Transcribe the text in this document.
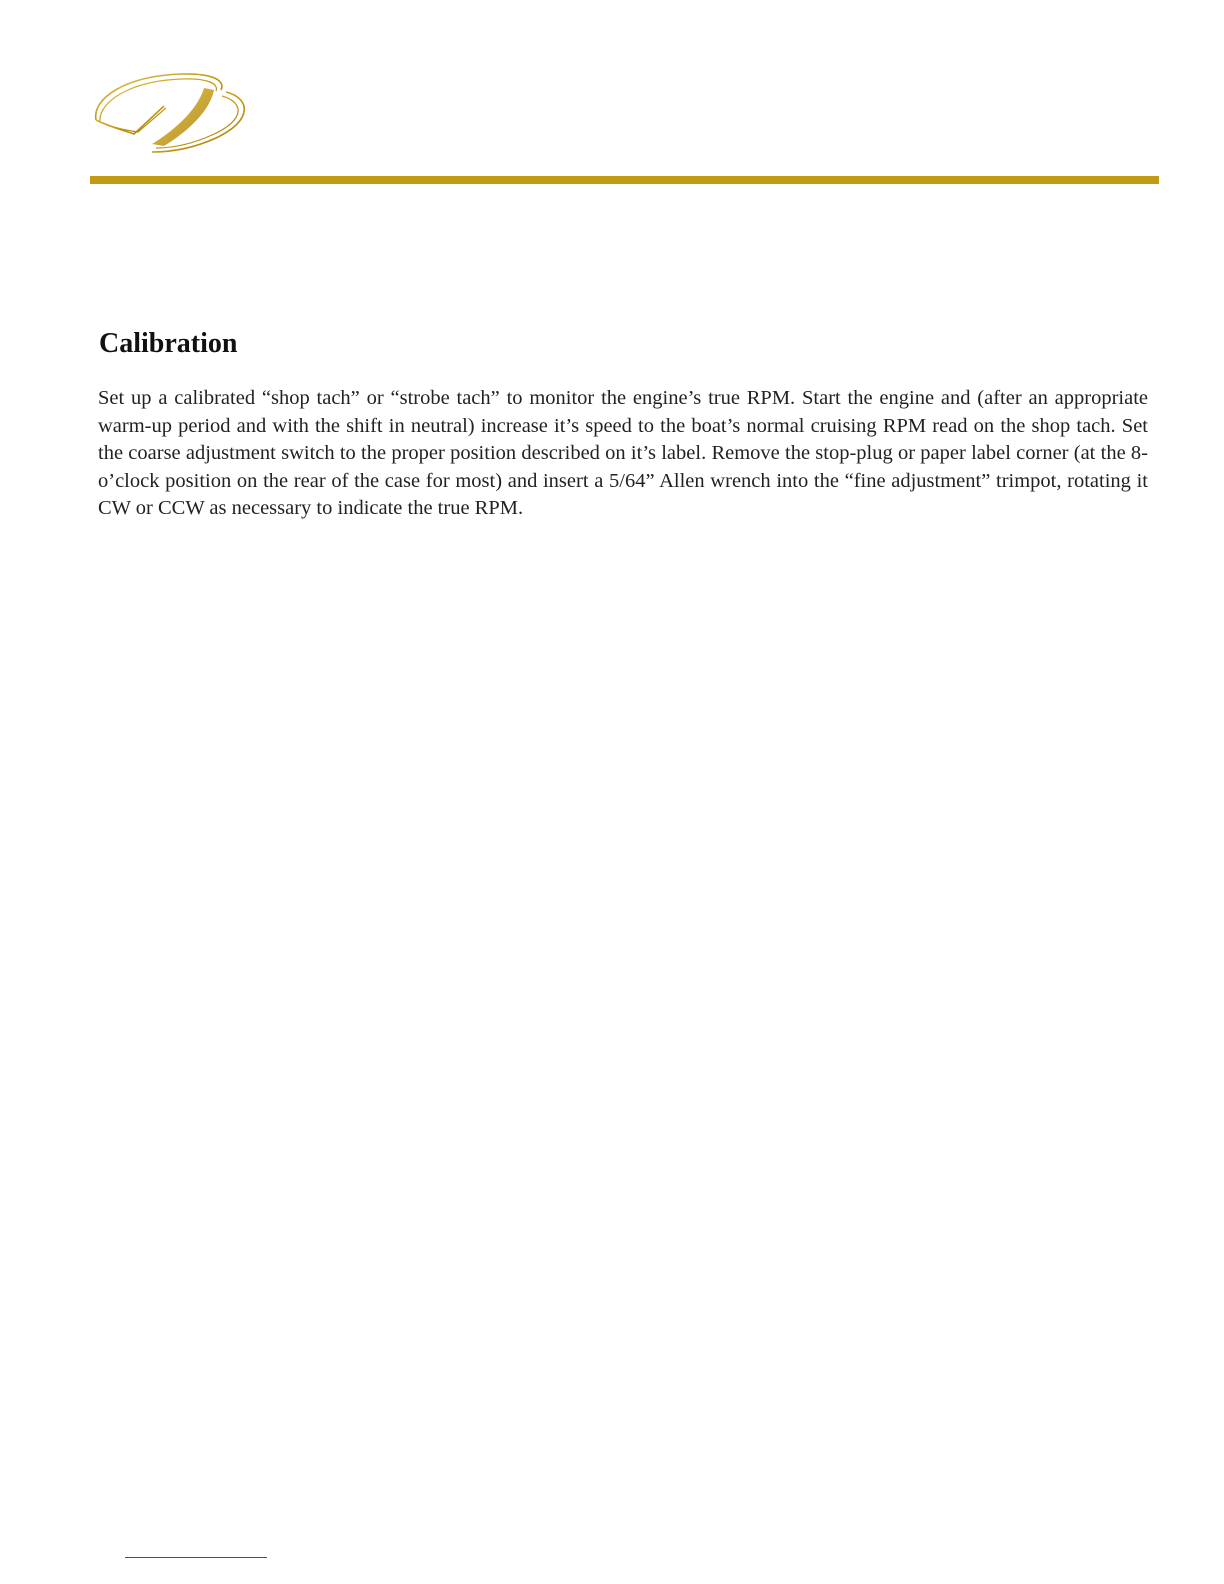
Calibration

Set up a calibrated “shop tach” or “strobe tach” to monitor the engine’s true RPM. Start the engine and (after an appropriate warm-up period and with the shift in neutral) increase it’s speed to the boat’s normal cruising RPM read on the shop tach. Set the coarse adjustment switch to the proper position described on it’s label. Remove the stop-plug or paper label corner (at the 8-o’clock position on the rear of the case for most) and insert a 5/64” Allen wrench into the “fine adjustment” trimpot, rotating it CW or CCW as necessary to indicate the true RPM.
